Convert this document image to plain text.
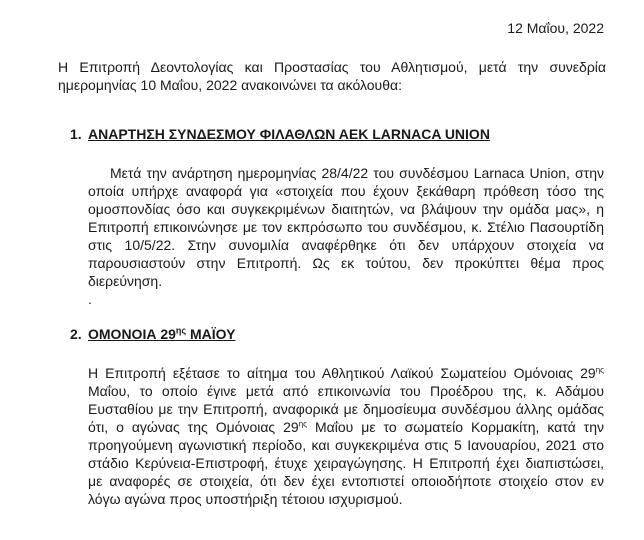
12 Μαΐου, 2022
Η Επιτροπή Δεοντολογίας και Προστασίας του Αθλητισμού, μετά την συνεδρία ημερομηνίας 10 Μαΐου, 2022 ανακοινώνει τα ακόλουθα:
1. ΑΝΑΡΤΗΣΗ ΣΥΝΔΕΣΜΟΥ ΦΙΛΑΘΛΩΝ ΑΕΚ LARNACA UNION

Μετά την ανάρτηση ημερομηνίας 28/4/22 του συνδέσμου Larnaca Union, στην οποία υπήρχε αναφορά για «στοιχεία που έχουν ξεκάθαρη πρόθεση τόσο της ομοσπονδίας όσο και συγκεκριμένων διαιτητών, να βλάψουν την ομάδα μας», η Επιτροπή επικοινώνησε με τον εκπρόσωπο του συνδέσμου, κ. Στέλιο Πασουρτίδη στις 10/5/22. Στην συνομιλία αναφέρθηκε ότι δεν υπάρχουν στοιχεία να παρουσιαστούν στην Επιτροπή. Ως εκ τούτου, δεν προκύπτει θέμα προς διερεύνηση.

.
2. ΟΜΟΝΟΙΑ $29^{\eta\varsigma}$ ΜΑΪΟΥ

Η Επιτροπή εξέτασε το αίτημα του Αθλητικού Λαϊκού Σωματείου Ομόνοιας $29^{\eta\varsigma}$ Μαΐου, το οποίο έγινε μετά από επικοινωνία του Προέδρου της, κ. Αδάμου Ευσταθίου με την Επιτροπή, αναφορικά με δημοσίευμα συνδέσμου άλλης ομάδας ότι, ο αγώνας της Ομόνοιας $29^{\eta\varsigma}$ Μαΐου με το σωματείο Κορμακίτη, κατά την προηγούμενη αγωνιστική περίοδο, και συγκεκριμένα στις 5 Ιανουαρίου, 2021 στο στάδιο Κερύνεια-Επιστροφή, έτυχε χειραγώγησης. Η Επιτροπή έχει διαπιστώσει, με αναφορές σε στοιχεία, ότι δεν έχει εντοπιστεί οποιοδήποτε στοιχείο στον εν λόγω αγώνα προς υποστήριξη τέτοιου ισχυρισμού.
